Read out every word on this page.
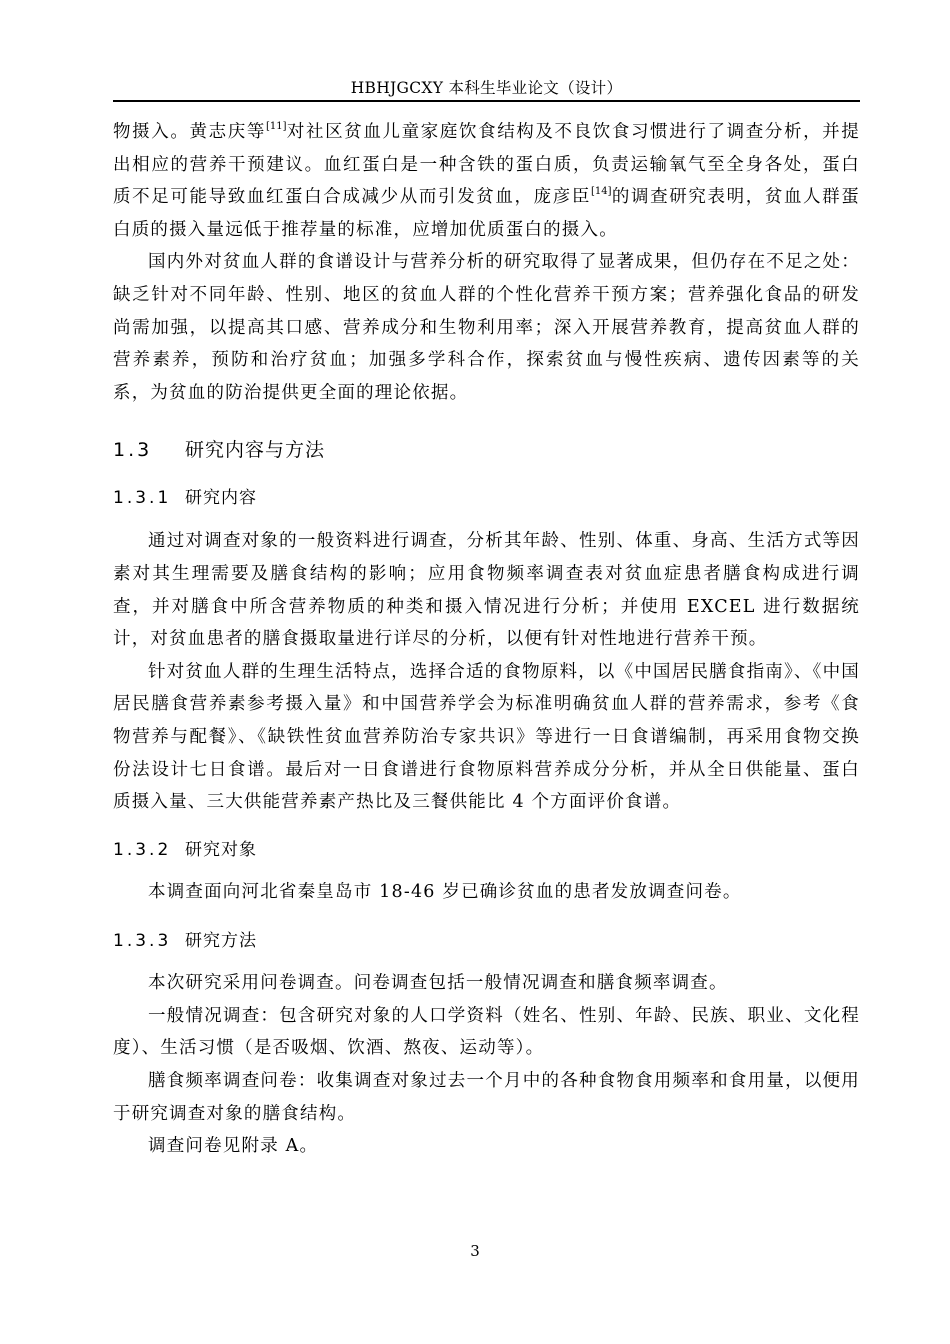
HBHJGCXY 本科生毕业论文（设计）

物摄入。黄志庆等[11]对社区贫血儿童家庭饮食结构及不良饮食习惯进行了调查分析，并提出相应的营养干预建议。血红蛋白是一种含铁的蛋白质，负责运输氧气至全身各处，蛋白质不足可能导致血红蛋白合成减少从而引发贫血，庞彦臣[14]的调查研究表明，贫血人群蛋白质的摄入量远低于推荐量的标准，应增加优质蛋白的摄入。

国内外对贫血人群的食谱设计与营养分析的研究取得了显著成果，但仍存在不足之处：缺乏针对不同年龄、性别、地区的贫血人群的个性化营养干预方案；营养强化食品的研发尚需加强，以提高其口感、营养成分和生物利用率；深入开展营养教育，提高贫血人群的营养素养，预防和治疗贫血；加强多学科合作，探索贫血与慢性疾病、遗传因素等的关系，为贫血的防治提供更全面的理论依据。

1.3 研究内容与方法
1.3.1 研究内容

通过对调查对象的一般资料进行调查，分析其年龄、性别、体重、身高、生活方式等因素对其生理需要及膳食结构的影响；应用食物频率调查表对贫血症患者膳食构成进行调查，并对膳食中所含营养物质的种类和摄入情况进行分析；并使用 EXCEL 进行数据统计，对贫血患者的膳食摄取量进行详尽的分析，以便有针对性地进行营养干预。

针对贫血人群的生理生活特点，选择合适的食物原料，以《中国居民膳食指南》、《中国居民膳食营养素参考摄入量》和中国营养学会为标准明确贫血人群的营养需求，参考《食物营养与配餐》、《缺铁性贫血营养防治专家共识》等进行一日食谱编制，再采用食物交换份法设计七日食谱。最后对一日食谱进行食物原料营养成分分析，并从全日供能量、蛋白质摄入量、三大供能营养素产热比及三餐供能比 4 个方面评价食谱。

1.3.2 研究对象

本调查面向河北省秦皇岛市 18-46 岁已确诊贫血的患者发放调查问卷。

1.3.3 研究方法

本次研究采用问卷调查。问卷调查包括一般情况调查和膳食频率调查。

一般情况调查：包含研究对象的人口学资料（姓名、性别、年龄、民族、职业、文化程度）、生活习惯（是否吸烟、饮酒、熬夜、运动等）。

膳食频率调查问卷：收集调查对象过去一个月中的各种食物食用频率和食用量，以便用于研究调查对象的膳食结构。

调查问卷见附录 A。

3
